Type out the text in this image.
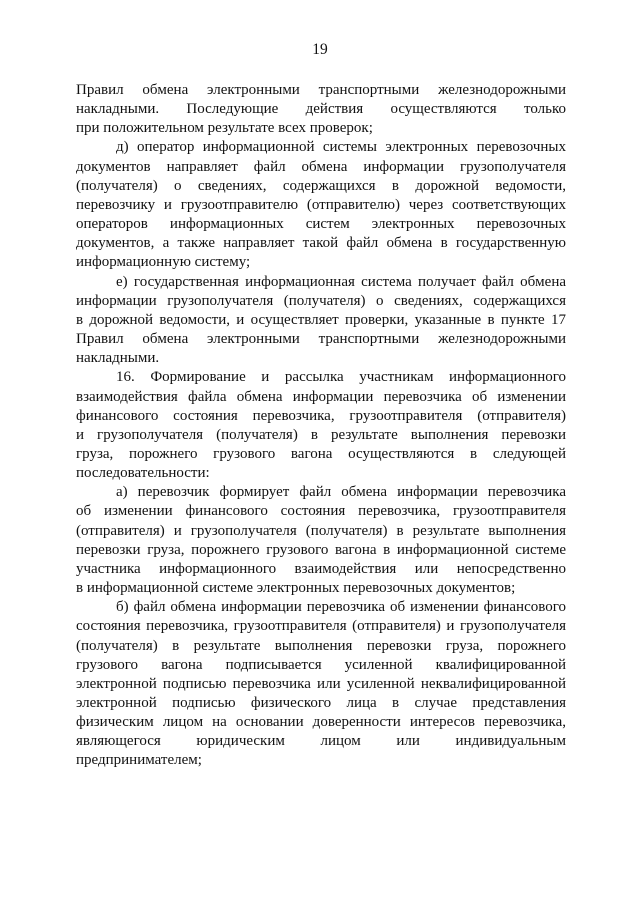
19
Правил обмена электронными транспортными железнодорожными
накладными. Последующие действия осуществляются только
при положительном результате всех проверок;
д) оператор информационной системы электронных перевозочных
документов направляет файл обмена информации грузополучателя
(получателя) о сведениях, содержащихся в дорожной ведомости,
перевозчику и грузоотправителю (отправителю) через соответствующих
операторов информационных систем электронных перевозочных
документов, а также направляет такой файл обмена в государственную
информационную систему;
е) государственная информационная система получает файл обмена
информации грузополучателя (получателя) о сведениях, содержащихся
в дорожной ведомости, и осуществляет проверки, указанные в пункте 17
Правил обмена электронными транспортными железнодорожными
накладными.
16. Формирование и рассылка участникам информационного
взаимодействия файла обмена информации перевозчика об изменении
финансового состояния перевозчика, грузоотправителя (отправителя)
и грузополучателя (получателя) в результате выполнения перевозки
груза, порожнего грузового вагона осуществляются в следующей
последовательности:
а) перевозчик формирует файл обмена информации перевозчика
об изменении финансового состояния перевозчика, грузоотправителя
(отправителя) и грузополучателя (получателя) в результате выполнения
перевозки груза, порожнего грузового вагона в информационной системе
участника информационного взаимодействия или непосредственно
в информационной системе электронных перевозочных документов;
б) файл обмена информации перевозчика об изменении финансового
состояния перевозчика, грузоотправителя (отправителя) и грузополучателя
(получателя) в результате выполнения перевозки груза, порожнего
грузового вагона подписывается усиленной квалифицированной
электронной подписью перевозчика или усиленной неквалифицированной
электронной подписью физического лица в случае представления
физическим лицом на основании доверенности интересов перевозчика,
являющегося юридическим лицом или индивидуальным
предпринимателем;
